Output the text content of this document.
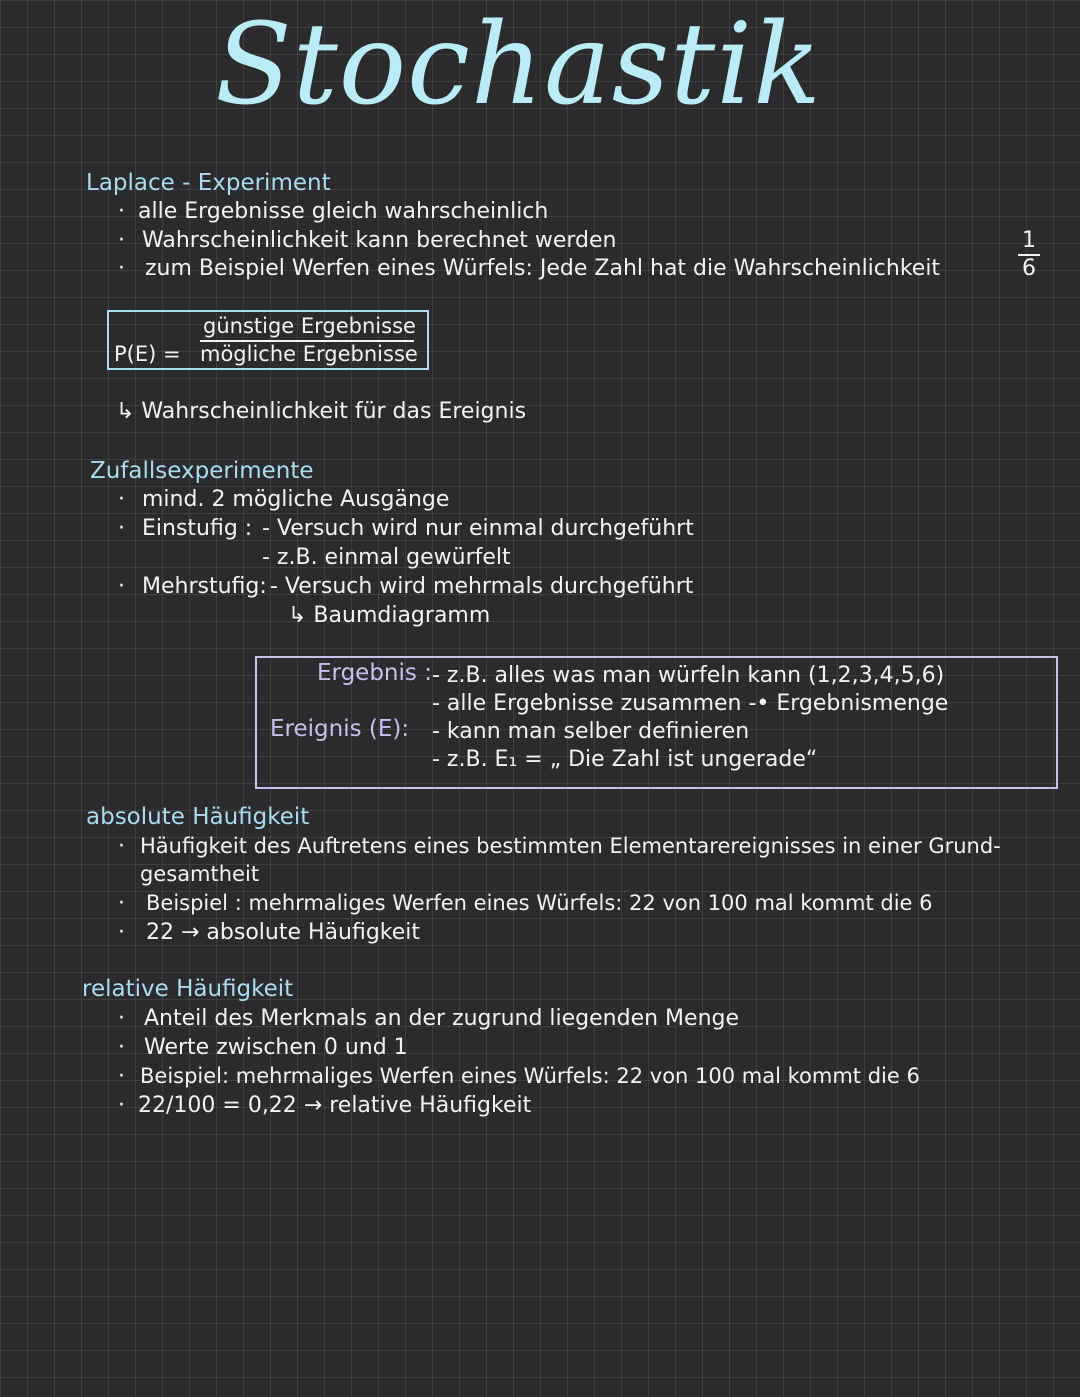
Stochastik
Laplace - Experiment
· alle Ergebnisse gleich wahrscheinlich
· Wahrscheinlichkeit kann berechnet werden
· zum Beispiel Werfen eines Würfels: Jede Zahl hat die Wahrscheinlichkeit
1
6
P(E) =
günstige Ergebnisse
mögliche Ergebnisse
↳ Wahrscheinlichkeit für das Ereignis
Zufallsexperimente
· mind. 2 mögliche Ausgänge
· Einstufig : - Versuch wird nur einmal durchgeführt
- z.B. einmal gewürfelt
· Mehrstufig: - Versuch wird mehrmals durchgeführt
↳ Baumdiagramm
Ergebnis : - z.B. alles was man würfeln kann (1,2,3,4,5,6)
- alle Ergebnisse zusammen -• Ergebnismenge
Ereignis (E): - kann man selber definieren
- z.B. E₁ = „ Die Zahl ist ungerade“
absolute Häufigkeit
· Häufigkeit des Auftretens eines bestimmten Elementarereignisses in einer Grund-
gesamtheit
· Beispiel : mehrmaliges Werfen eines Würfels: 22 von 100 mal kommt die 6
· 22 → absolute Häufigkeit
relative Häufigkeit
· Anteil des Merkmals an der zugrund liegenden Menge
· Werte zwischen 0 und 1
· Beispiel: mehrmaliges Werfen eines Würfels: 22 von 100 mal kommt die 6
· 22/100 = 0,22 → relative Häufigkeit
